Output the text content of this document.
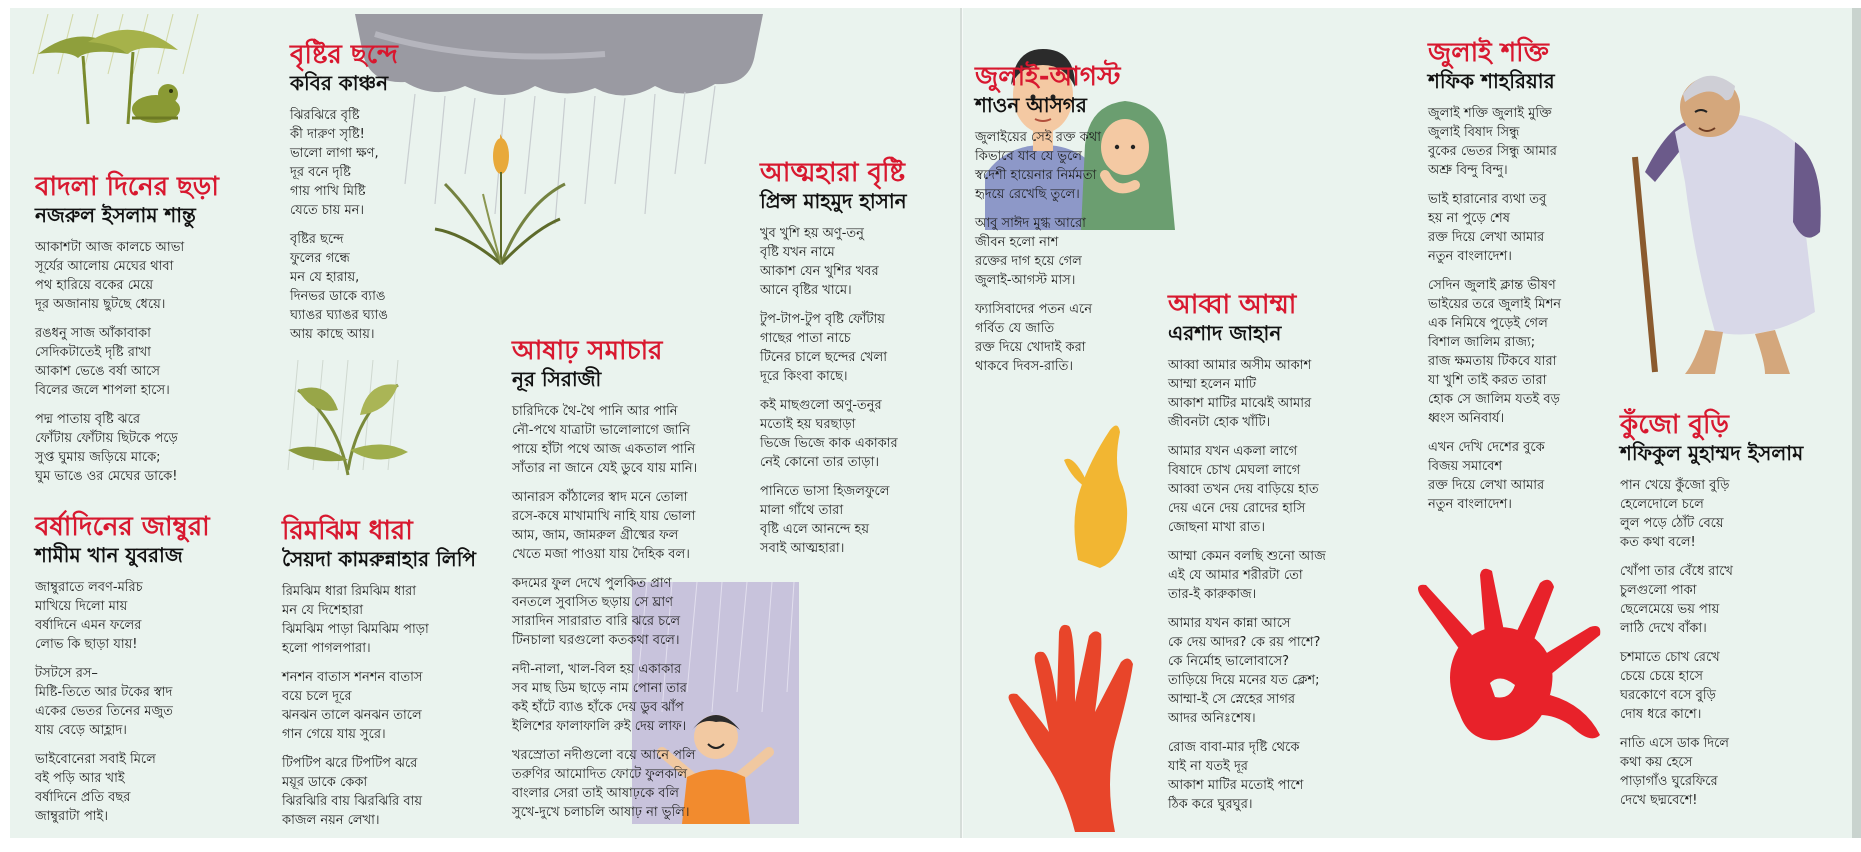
বাদলা দিনের ছড়া
নজরুল ইসলাম শান্তু
আকাশটা আজ কালচে আভা
সূর্যের আলোয় মেঘের থাবা
পথ হারিয়ে বকের মেয়ে
দূর অজানায় ছুটছে ধেয়ে।
রঙধনু সাজ আঁকাবাকা
সেদিকটাতেই দৃষ্টি রাখা
আকাশ ভেঙে বর্ষা আসে
বিলের জলে শাপলা হাসে।
পদ্ম পাতায় বৃষ্টি ঝরে
ফোঁটায় ফোঁটায় ছিটকে পড়ে
সুপ্ত ঘুমায় জড়িয়ে মাকে;
ঘুম ভাঙে ওর মেঘের ডাকে!
বর্ষাদিনের জাম্বুরা
শামীম খান যুবরাজ
জাম্বুরাতে লবণ-মরিচ
মাখিয়ে দিলো মায়
বর্ষাদিনে এমন ফলের
লোভ কি ছাড়া যায়!
টসটসে রস–
মিষ্টি-তিতে আর টকের স্বাদ
একের ভেতর তিনের মজুত
যায় বেড়ে আহ্লাদ।
ভাইবোনেরা সবাই মিলে
বই পড়ি আর খাই
বর্ষাদিনে প্রতি বছর
জাম্বুরাটা পাই।
বৃষ্টির ছন্দে
কবির কাঞ্চন
ঝিরঝিরে বৃষ্টি
কী দারুণ সৃষ্টি!
ভালো লাগা ক্ষণ,
দূর বনে দৃষ্টি
গায় পাখি মিষ্টি
যেতে চায় মন।
বৃষ্টির ছন্দে
ফুলের গন্ধে
মন যে হারায়,
দিনভর ডাকে ব্যাঙ
ঘ্যাঙর ঘ্যাঙর ঘ্যাঙ
আয় কাছে আয়।
রিমঝিম ধারা
সৈয়দা কামরুন্নাহার লিপি
রিমঝিম ধারা রিমঝিম ধারা
মন যে দিশেহারা
ঝিমঝিম পাড়া ঝিমঝিম পাড়া
হলো পাগলপারা।
শনশন বাতাস শনশন বাতাস
বয়ে চলে দূরে
ঝনঝন তালে ঝনঝন তালে
গান গেয়ে যায় সুরে।
টিপটিপ ঝরে টিপটিপ ঝরে
ময়ূর ডাকে কেকা
ঝিরঝিরি বায় ঝিরঝিরি বায়
কাজল নয়ন লেখা।
আষাঢ় সমাচার
নূর সিরাজী
চারিদিকে থৈ-থৈ পানি আর পানি
নৌ-পথে যাত্রাটা ভালোলাগে জানি
পায়ে হাঁটা পথে আজ একতাল পানি
সাঁতার না জানে যেই ডুবে যায় মানি।
আনারস কাঁঠালের স্বাদ মনে তোলা
রসে-কষে মাখামাখি নাহি যায় ভোলা
আম, জাম, জামরুল গ্রীষ্মের ফল
খেতে মজা পাওয়া যায় দৈহিক বল।
কদমের ফুল দেখে পুলকিত প্রাণ
বনতলে সুবাসিত ছড়ায় সে ঘ্রাণ
সারাদিন সারারাত বারি ঝরে চলে
টিনচালা ঘরগুলো কতকথা বলে।
নদী-নালা, খাল-বিল হয় একাকার
সব মাছ ডিম ছাড়ে নাম পোনা তার
কই হাঁটে ব্যাঙ হাঁকে দেয় ডুব ঝাঁপ
ইলিশের ফালাফালি রুই দেয় লাফ।
খরস্রোতা নদীগুলো বয়ে আনে পলি
তরুণির আমোদিত ফোটে ফুলকলি
বাংলার সেরা তাই আষাঢ়কে বলি
সুখে-দুখে চলাচলি আষাঢ় না ভুলি।
আত্মহারা বৃষ্টি
প্রিন্স মাহমুদ হাসান
খুব খুশি হয় অণু-তনু
বৃষ্টি যখন নামে
আকাশ যেন খুশির খবর
আনে বৃষ্টির খামে।
টুপ-টাপ-টুপ বৃষ্টি ফোঁটায়
গাছের পাতা নাচে
টিনের চালে ছন্দের খেলা
দূরে কিংবা কাছে।
কই মাছগুলো অণু-তনুর
মতোই হয় ঘরছাড়া
ভিজে ভিজে কাক একাকার
নেই কোনো তার তাড়া।
পানিতে ভাসা হিজলফুলে
মালা গাঁথে তারা
বৃষ্টি এলে আনন্দে হয়
সবাই আত্মহারা।
জুলাই-আগস্ট
শাওন আসগর
জুলাইয়ের সেই রক্ত কথা
কিভাবে যাব যে ভুলে
স্বদেশী হায়েনার নির্মমতা
হৃদয়ে রেখেছি তুলে।
আবু সাঈদ মুগ্ধ আরো
জীবন হলো নাশ
রক্তের দাগ হয়ে গেল
জুলাই-আগস্ট মাস।
ফ্যাসিবাদের পতন এনে
গর্বিত যে জাতি
রক্ত দিয়ে খোদাই করা
থাকবে দিবস-রাতি।
আব্বা আম্মা
এরশাদ জাহান
আব্বা আমার অসীম আকাশ
আম্মা হলেন মাটি
আকাশ মাটির মাঝেই আমার
জীবনটা হোক খাঁটি।
আমার যখন একলা লাগে
বিষাদে চোখ মেঘলা লাগে
আব্বা তখন দেয় বাড়িয়ে হাত
দেয় এনে দেয় রোদের হাসি
জোছনা মাখা রাত।
আম্মা কেমন বলছি শুনো আজ
এই যে আমার শরীরটা তো
তার-ই কারুকাজ।
আমার যখন কান্না আসে
কে দেয় আদর? কে রয় পাশে?
কে নির্মোহ ভালোবাসে?
তাড়িয়ে দিয়ে মনের যত ক্লেশ;
আম্মা-ই সে স্নেহের সাগর
আদর অনিঃশেষ।
রোজ বাবা-মার দৃষ্টি থেকে
যাই না যতই দূর
আকাশ মাটির মতোই পাশে
ঠিক করে ঘুরঘুর।
জুলাই শক্তি
শফিক শাহরিয়ার
জুলাই শক্তি জুলাই মুক্তি
জুলাই বিষাদ সিন্ধু
বুকের ভেতর সিন্ধু আমার
অশ্রু বিন্দু বিন্দু।
ভাই হারানোর ব্যথা তবু
হয় না পুড়ে শেষ
রক্ত দিয়ে লেখা আমার
নতুন বাংলাদেশ।
সেদিন জুলাই ক্লান্ত ভীষণ
ভাইয়ের তরে জুলাই মিশন
এক নিমিষে পুড়েই গেল
বিশাল জালিম রাজ্য;
রাজ ক্ষমতায় টিকবে যারা
যা খুশি তাই করত তারা
হোক সে জালিম যতই বড়
ধ্বংস অনিবার্য।
এখন দেখি দেশের বুকে
বিজয় সমাবেশ
রক্ত দিয়ে লেখা আমার
নতুন বাংলাদেশ।
কুঁজো বুড়ি
শফিকুল মুহাম্মদ ইসলাম
পান খেয়ে কুঁজো বুড়ি
হেলেদোলে চলে
লুল পড়ে ঠোঁট বেয়ে
কত কথা বলে!
খোঁপা তার বেঁধে রাখে
চুলগুলো পাকা
ছেলেমেয়ে ভয় পায়
লাঠি দেখে বাঁকা।
চশমাতে চোখ রেখে
চেয়ে চেয়ে হাসে
ঘরকোণে বসে বুড়ি
দোষ ধরে কাশে।
নাতি এসে ডাক দিলে
কথা কয় হেসে
পাড়াগাঁও ঘুরেফিরে
দেখে ছদ্মবেশে!
